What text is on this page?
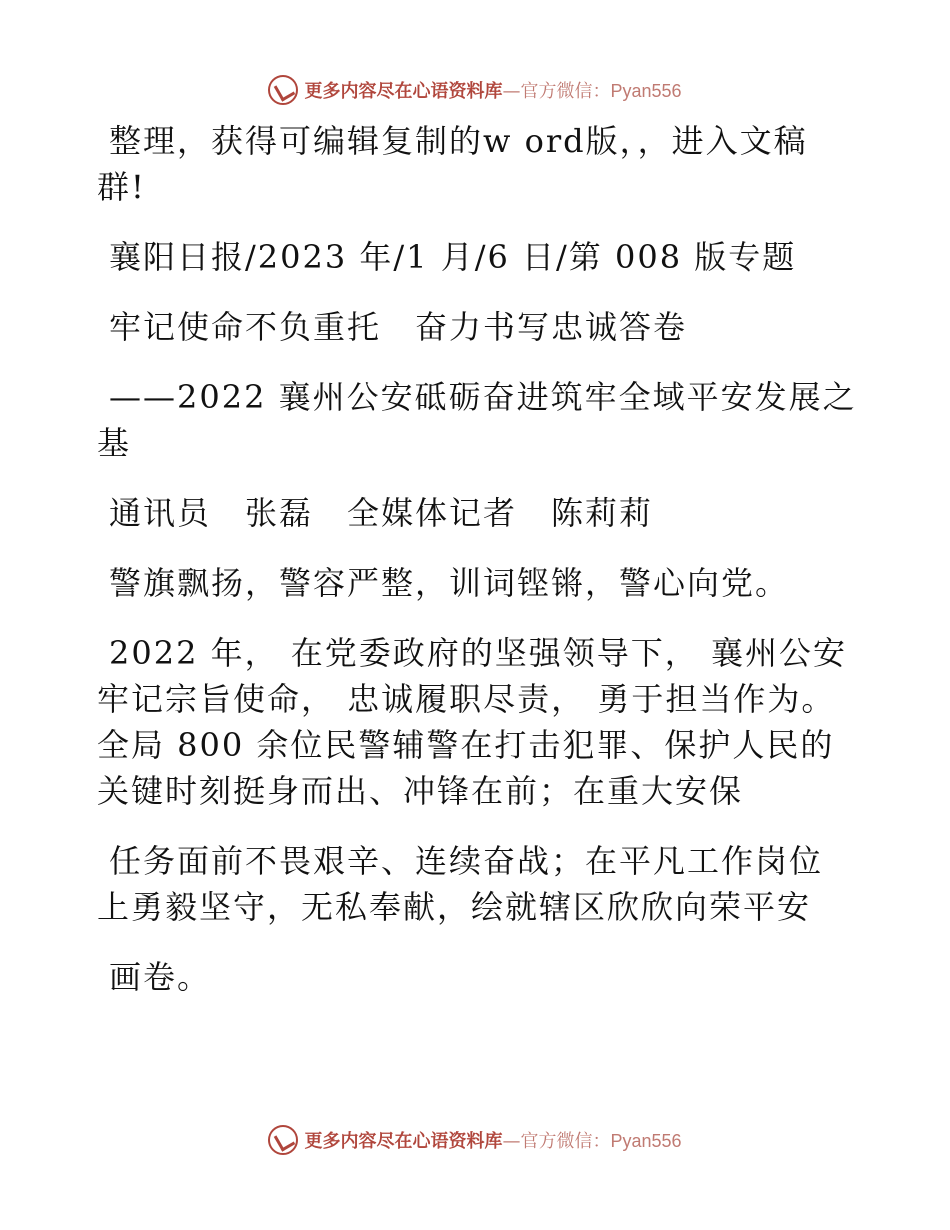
更多内容尽在心语资料库—官方微信：Pyan556
整理，获得可编辑复制的w ord版，，进入文稿
群!
襄阳日报/2023 年/1 月/6 日/第 008 版专题
牢记使命不负重托　奋力书写忠诚答卷
——2022 襄州公安砥砺奋进筑牢全域平安发展之
基
通讯员　张磊　全媒体记者　陈莉莉
警旗飘扬，警容严整，训词铿锵，警心向党。
2022 年， 在党委政府的坚强领导下， 襄州公安
牢记宗旨使命， 忠诚履职尽责， 勇于担当作为。
全局 800 余位民警辅警在打击犯罪、保护人民的
关键时刻挺身而出、冲锋在前；在重大安保
任务面前不畏艰辛、连续奋战；在平凡工作岗位
上勇毅坚守，无私奉献，绘就辖区欣欣向荣平安
画卷。
更多内容尽在心语资料库—官方微信：Pyan556
